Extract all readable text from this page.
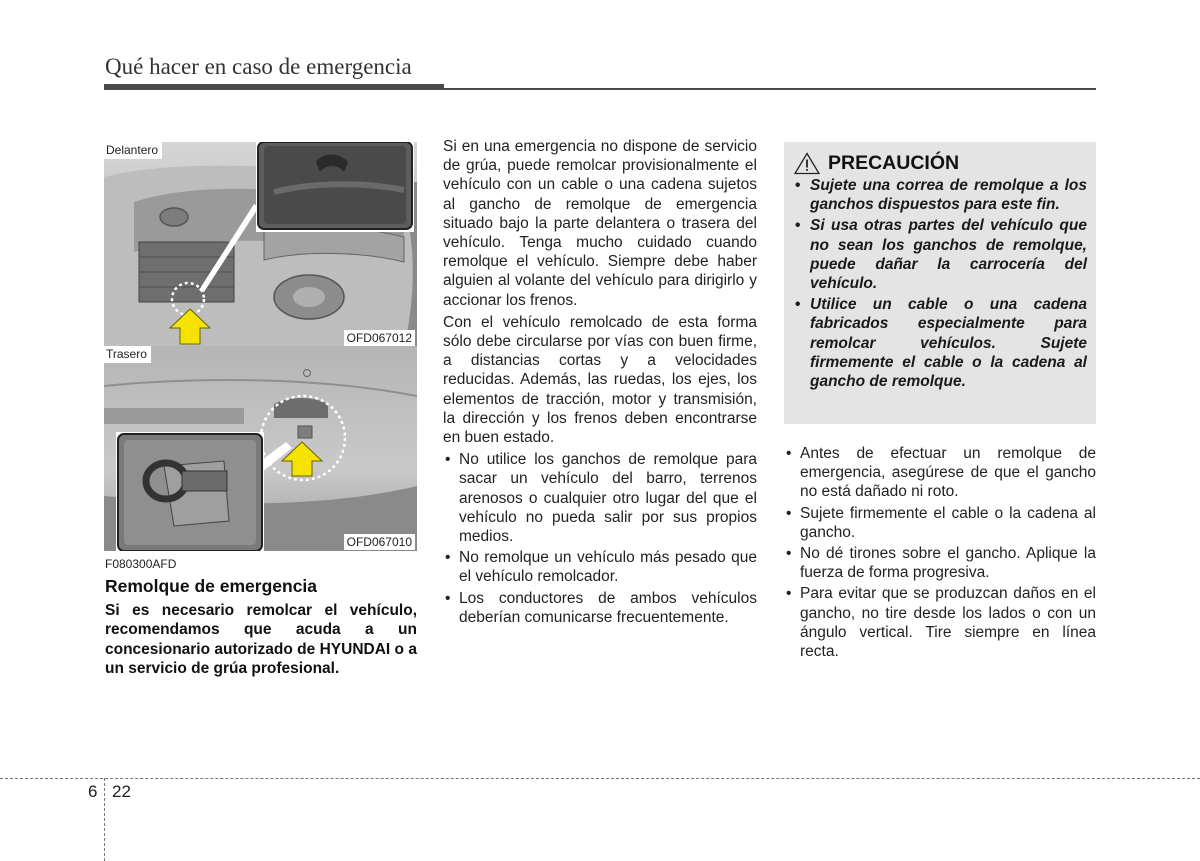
Qué hacer en caso de emergencia
Delantero
OFD067012
Trasero
OFD067010
F080300AFD
Remolque de emergencia
Si es necesario remolcar el vehículo, recomendamos que acuda a un concesionario autorizado de HYUNDAI o a un servicio de grúa profesional.

Si en una emergencia no dispone de servicio de grúa, puede remolcar provisionalmente el vehículo con un cable o una cadena sujetos al gancho de remolque de emergencia situado bajo la parte delantera o trasera del vehículo. Tenga mucho cuidado cuando remolque el vehículo. Siempre debe haber alguien al volante del vehículo para dirigirlo y accionar los frenos.

Con el vehículo remolcado de esta forma sólo debe circularse por vías con buen firme, a distancias cortas y a velocidades reducidas. Además, las ruedas, los ejes, los elementos de tracción, motor y transmisión, la dirección y los frenos deben encontrarse en buen estado.

• No utilice los ganchos de remolque para sacar un vehículo del barro, terrenos arenosos o cualquier otro lugar del que el vehículo no pueda salir por sus propios medios.
• No remolque un vehículo más pesado que el vehículo remolcador.
• Los conductores de ambos vehículos deberían comunicarse frecuentemente.
PRECAUCIÓN
• Sujete una correa de remolque a los ganchos dispuestos para este fin.
• Si usa otras partes del vehículo que no sean los ganchos de remolque, puede dañar la carrocería del vehículo.
• Utilice un cable o una cadena fabricados especialmente para remolcar vehículos. Sujete firmemente el cable o la cadena al gancho de remolque.
• Antes de efectuar un remolque de emergencia, asegúrese de que el gancho no está dañado ni roto.
• Sujete firmemente el cable o la cadena al gancho.
• No dé tirones sobre el gancho. Aplique la fuerza de forma progresiva.
• Para evitar que se produzcan daños en el gancho, no tire desde los lados o con un ángulo vertical. Tire siempre en línea recta.
6 22
